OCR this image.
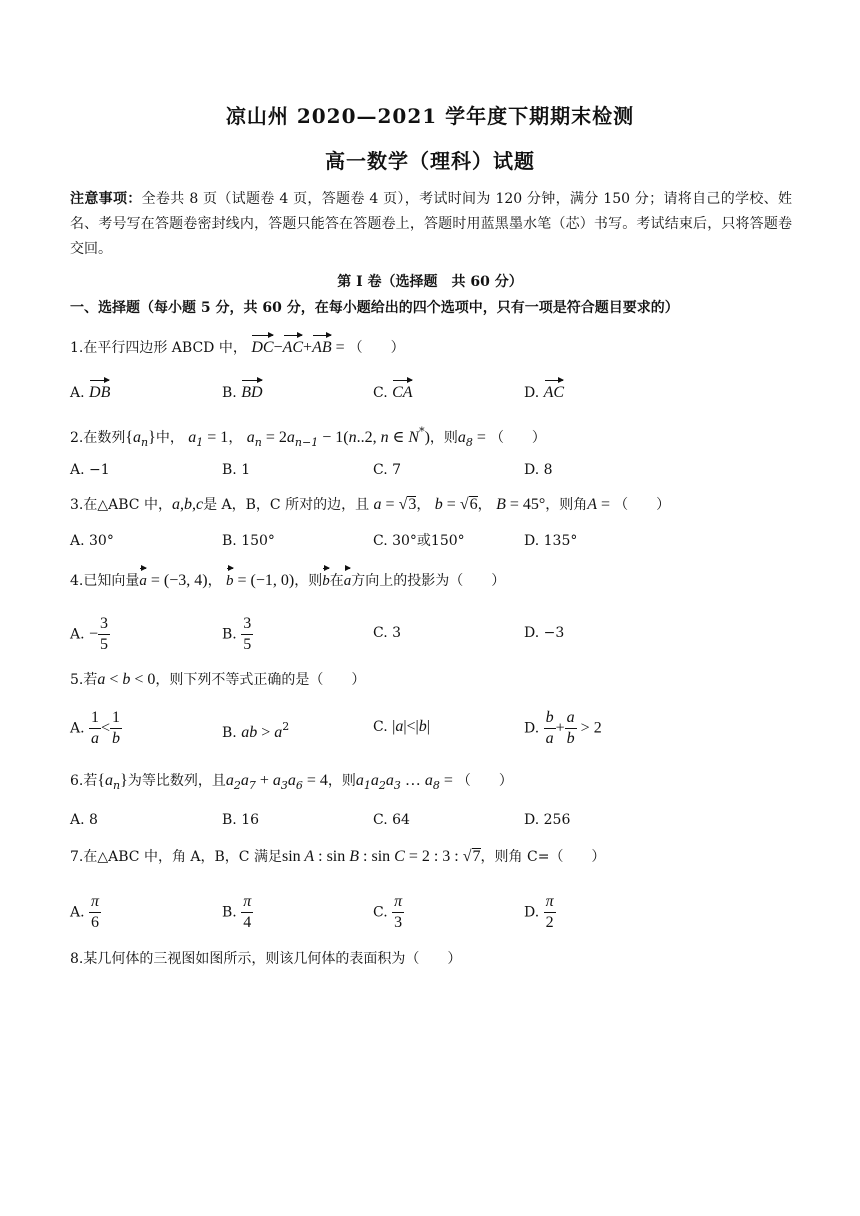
凉山州 2020—2021 学年度下期期末检测
高一数学（理科）试题
注意事项：全卷共 8 页（试题卷 4 页，答题卷 4 页），考试时间为 120 分钟，满分 150 分；请将自己的学校、姓名、考号写在答题卷密封线内，答题只能答在答题卷上，答题时用蓝黑墨水笔（芯）书写。考试结束后，只将答题卷交回。
第 I 卷（选择题　共 60 分）
一、选择题（每小题 5 分，共 60 分，在每小题给出的四个选项中，只有一项是符合题目要求的）
1.在平行四边形 ABCD 中， DC−AC+AB = （　　）
A. DB	B. BD	C. CA	D. AC
2.在数列$\{a_n\}$中， $a_1 = 1$， $a_n = 2a_{n-1} - 1(n..2$, n ∈ N*)，则$a_8$ = （　　）
A. −1	B. 1	C. 7	D. 8
3.在△ABC 中，a,b,c是 A，B，C 所对的边，且 a = √3， b = √6， B = 45°，则角A = （　　）
A. 30°	B. 150°	C. 30°或150°	D. 135°
4.已知向量a = (−3, 4)， b = (−1, 0)，则b在a方向上的投影为（　　）
A. − $\frac{3}{5}$	B. $\frac{3}{5}$	C. 3	D. −3
5.若a < b < 0，则下列不等式正确的是（　　）
A. $\frac{1}{a} < \frac{1}{b}$	B. ab > $a^2$	C. |a|<|b|	D. $\frac{b}{a} + \frac{a}{b} > 2$
6.若$\{a_n\}$为等比数列，且$a_2a_7 + a_3a_6 = 4$，则$a_1a_2a_3$ … $a_8$ = （　　）
A. 8	B. 16	C. 64	D. 256
7.在△ABC 中，角 A，B，C 满足sin A : sin B : sin C = 2 : 3 : √7，则角 C=（　　）
A. $\frac{\pi}{6}$	B. $\frac{\pi}{4}$	C. $\frac{\pi}{3}$	D. $\frac{\pi}{2}$
8.某几何体的三视图如图所示，则该几何体的表面积为（　　）
